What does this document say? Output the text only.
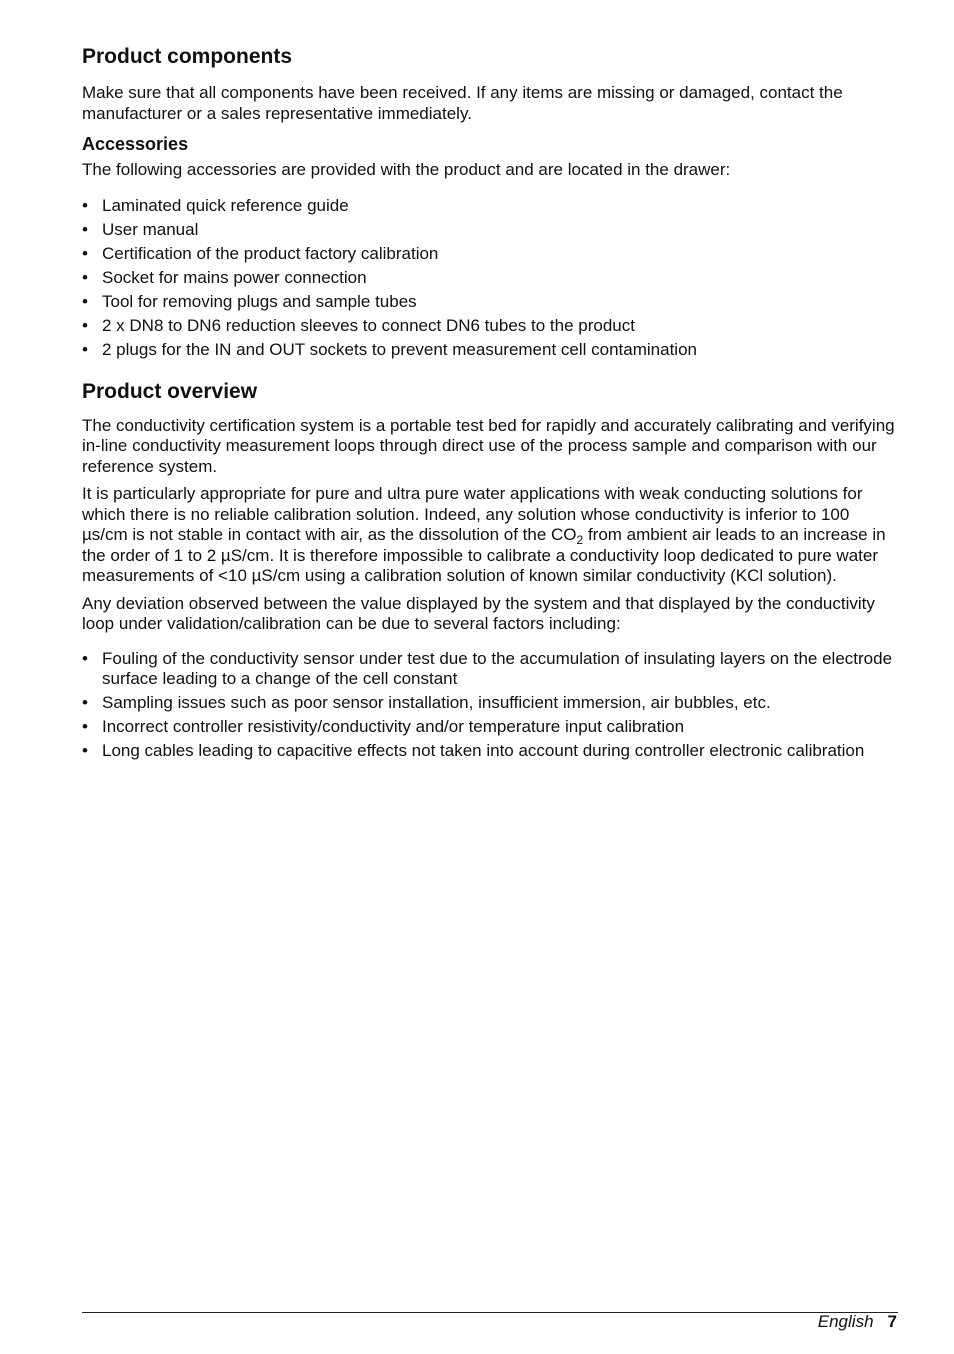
Product components

Make sure that all components have been received. If any items are missing or damaged, contact the manufacturer or a sales representative immediately.

Accessories

The following accessories are provided with the product and are located in the drawer:

• Laminated quick reference guide
• User manual
• Certification of the product factory calibration
• Socket for mains power connection
• Tool for removing plugs and sample tubes
• 2 x DN8 to DN6 reduction sleeves to connect DN6 tubes to the product
• 2 plugs for the IN and OUT sockets to prevent measurement cell contamination
Product overview

The conductivity certification system is a portable test bed for rapidly and accurately calibrating and verifying in-line conductivity measurement loops through direct use of the process sample and comparison with our reference system.

It is particularly appropriate for pure and ultra pure water applications with weak conducting solutions for which there is no reliable calibration solution. Indeed, any solution whose conductivity is inferior to 100 µs/cm is not stable in contact with air, as the dissolution of the $CO_2$ from ambient air leads to an increase in the order of 1 to 2 µS/cm. It is therefore impossible to calibrate a conductivity loop dedicated to pure water measurements of <10 µS/cm using a calibration solution of known similar conductivity (KCl solution).

Any deviation observed between the value displayed by the system and that displayed by the conductivity loop under validation/calibration can be due to several factors including:

• Fouling of the conductivity sensor under test due to the accumulation of insulating layers on the electrode surface leading to a change of the cell constant
• Sampling issues such as poor sensor installation, insufficient immersion, air bubbles, etc.
• Incorrect controller resistivity/conductivity and/or temperature input calibration
• Long cables leading to capacitive effects not taken into account during controller electronic calibration
English 7
